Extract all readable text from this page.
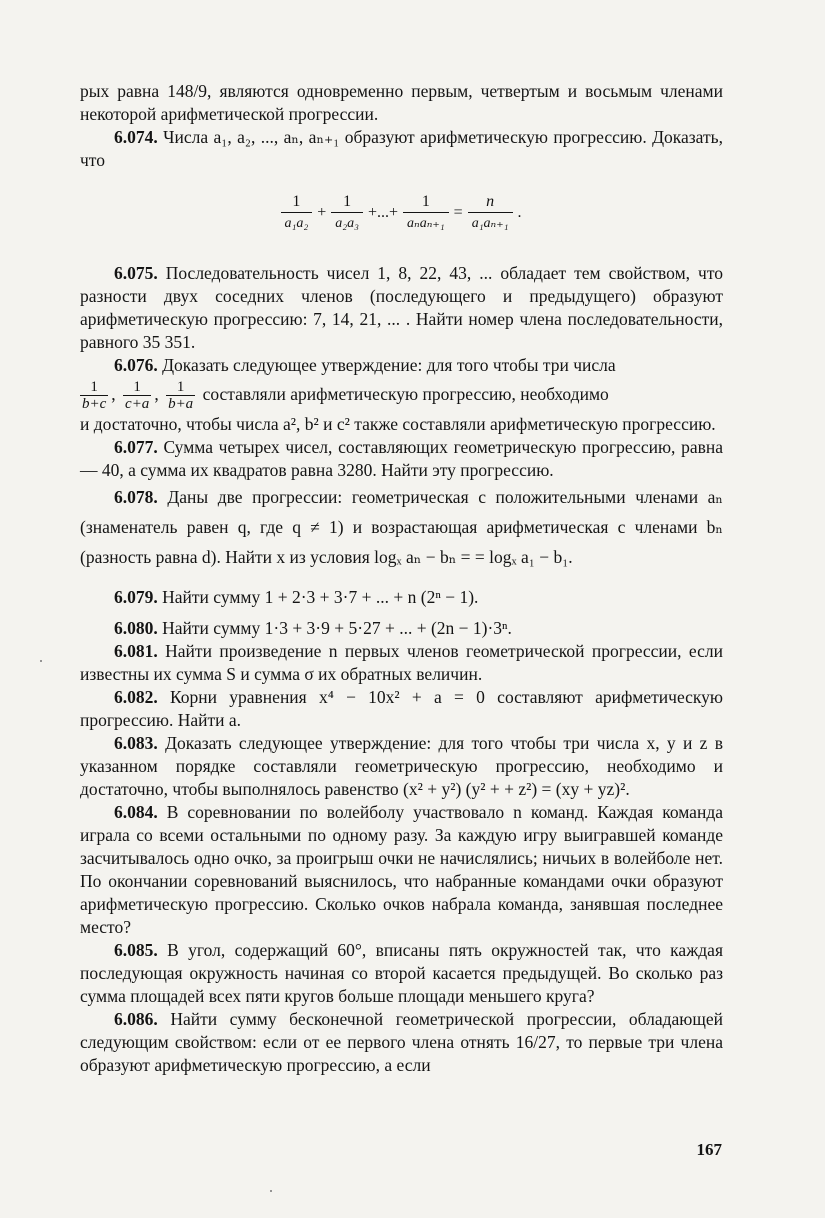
рых равна 148/9, являются одновременно первым, четвертым и восьмым членами некоторой арифметической прогрессии.

6.074. Числа a₁, a₂, ..., aₙ, aₙ₊₁ образуют арифметическую прогрессию. Доказать, что

$\frac{1}{\text{a₁a₂}} + \frac{1}{\text{a₂a₃}}$ +...+ $\frac{1}{\text{aₙaₙ₊₁}} = \frac{n}{\text{a₁aₙ₊₁}}$ .

6.075. Последовательность чисел 1, 8, 22, 43, ... обладает тем свойством, что разности двух соседних членов (последующего и предыдущего) образуют арифметическую прогрессию: 7, 14, 21, ... . Найти номер члена последовательности, равного 35 351.

6.076. Доказать следующее утверждение: для того чтобы три числа

$\frac{1}{b+c}$ , $\frac{1}{c+a}$ , $\frac{1}{b+a}$ составляли арифметическую прогрессию, необходимо

и достаточно, чтобы числа a², b² и c² также составляли арифметическую прогрессию.

6.077. Сумма четырех чисел, составляющих геометрическую прогрессию, равна — 40, а сумма их квадратов равна 3280. Найти эту прогрессию.

6.078. Даны две прогрессии: геометрическая с положительными членами aₙ (знаменатель равен q, где q ≠ 1) и возрастающая арифметическая с членами bₙ (разность равна d). Найти x из условия logₓ aₙ − bₙ = = logₓ a₁ − b₁.

6.079. Найти сумму 1 + 2·3 + 3·7 + ... + n (2ⁿ − 1).

6.080. Найти сумму 1·3 + 3·9 + 5·27 + ... + (2n − 1)·3ⁿ.

6.081. Найти произведение n первых членов геометрической прогрессии, если известны их сумма S и сумма σ их обратных величин.

6.082. Корни уравнения x⁴ − 10x² + a = 0 составляют арифметическую прогрессию. Найти a.

6.083. Доказать следующее утверждение: для того чтобы три числа x, y и z в указанном порядке составляли геометрическую прогрессию, необходимо и достаточно, чтобы выполнялось равенство (x² + y²) (y² + + z²) = (xy + yz)².

6.084. В соревновании по волейболу участвовало n команд. Каждая команда играла со всеми остальными по одному разу. За каждую игру выигравшей команде засчитывалось одно очко, за проигрыш очки не начислялись; ничьих в волейболе нет. По окончании соревнований выяснилось, что набранные командами очки образуют арифметическую прогрессию. Сколько очков набрала команда, занявшая последнее место?

6.085. В угол, содержащий 60°, вписаны пять окружностей так, что каждая последующая окружность начиная со второй касается предыдущей. Во сколько раз сумма площадей всех пяти кругов больше площади меньшего круга?

6.086. Найти сумму бесконечной геометрической прогрессии, обладающей следующим свойством: если от ее первого члена отнять 16/27, то первые три члена образуют арифметическую прогрессию, а если

167
